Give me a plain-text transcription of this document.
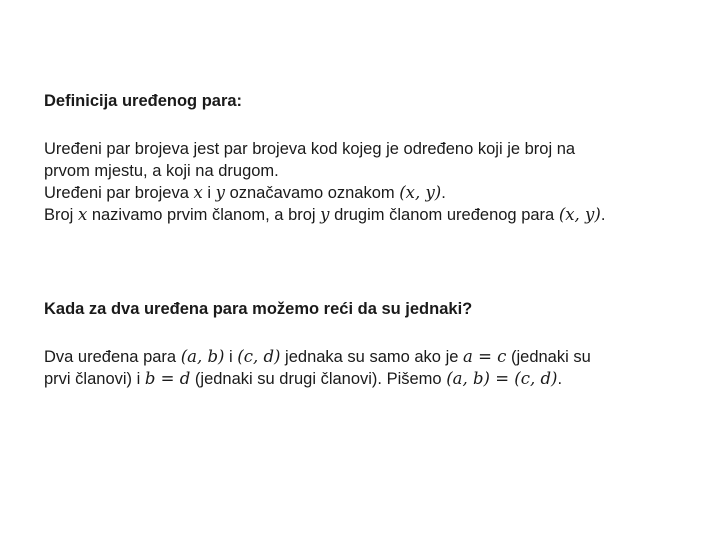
Definicija uređenog para:

Uređeni par brojeva jest par brojeva kod kojeg je određeno koji je broj na

prvom mjestu, a koji na drugom.

Uređeni par brojeva x i y označavamo oznakom (x, y).

Broj x nazivamo prvim članom, a broj y drugim članom uređenog para (x, y).

Kada za dva uređena para možemo reći da su jednaki?

Dva uređena para (a, b) i (c, d) jednaka su samo ako je a = c (jednaki su

prvi članovi) i b = d (jednaki su drugi članovi). Pišemo (a, b) = (c, d).
